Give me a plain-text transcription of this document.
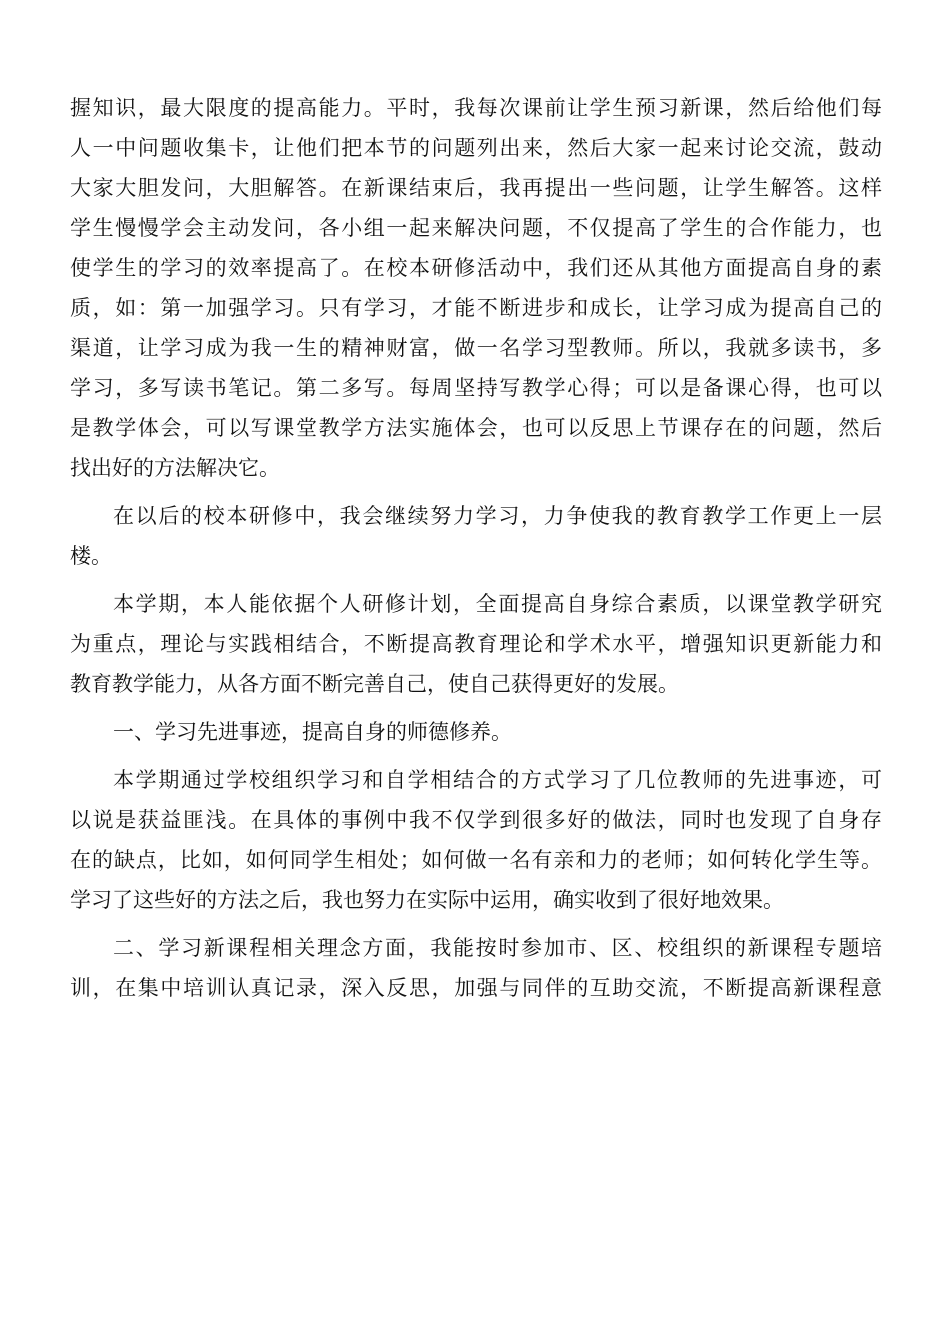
握知识，最大限度的提高能力。平时，我每次课前让学生预习新课，然后给他们每
人一中问题收集卡，让他们把本节的问题列出来，然后大家一起来讨论交流，鼓动
大家大胆发问，大胆解答。在新课结束后，我再提出一些问题，让学生解答。这样
学生慢慢学会主动发问，各小组一起来解决问题，不仅提高了学生的合作能力，也
使学生的学习的效率提高了。在校本研修活动中，我们还从其他方面提高自身的素
质，如：第一加强学习。只有学习，才能不断进步和成长，让学习成为提高自己的
渠道，让学习成为我一生的精神财富，做一名学习型教师。所以，我就多读书，多
学习，多写读书笔记。第二多写。每周坚持写教学心得；可以是备课心得，也可以
是教学体会，可以写课堂教学方法实施体会，也可以反思上节课存在的问题，然后
找出好的方法解决它。
在以后的校本研修中，我会继续努力学习，力争使我的教育教学工作更上一层
楼。
本学期，本人能依据个人研修计划，全面提高自身综合素质，以课堂教学研究
为重点，理论与实践相结合，不断提高教育理论和学术水平，增强知识更新能力和
教育教学能力，从各方面不断完善自己，使自己获得更好的发展。
一、学习先进事迹，提高自身的师德修养。
本学期通过学校组织学习和自学相结合的方式学习了几位教师的先进事迹，可
以说是获益匪浅。在具体的事例中我不仅学到很多好的做法，同时也发现了自身存
在的缺点，比如，如何同学生相处；如何做一名有亲和力的老师；如何转化学生等。
学习了这些好的方法之后，我也努力在实际中运用，确实收到了很好地效果。
二、学习新课程相关理念方面，我能按时参加市、区、校组织的新课程专题培
训，在集中培训认真记录，深入反思，加强与同伴的互助交流，不断提高新课程意
